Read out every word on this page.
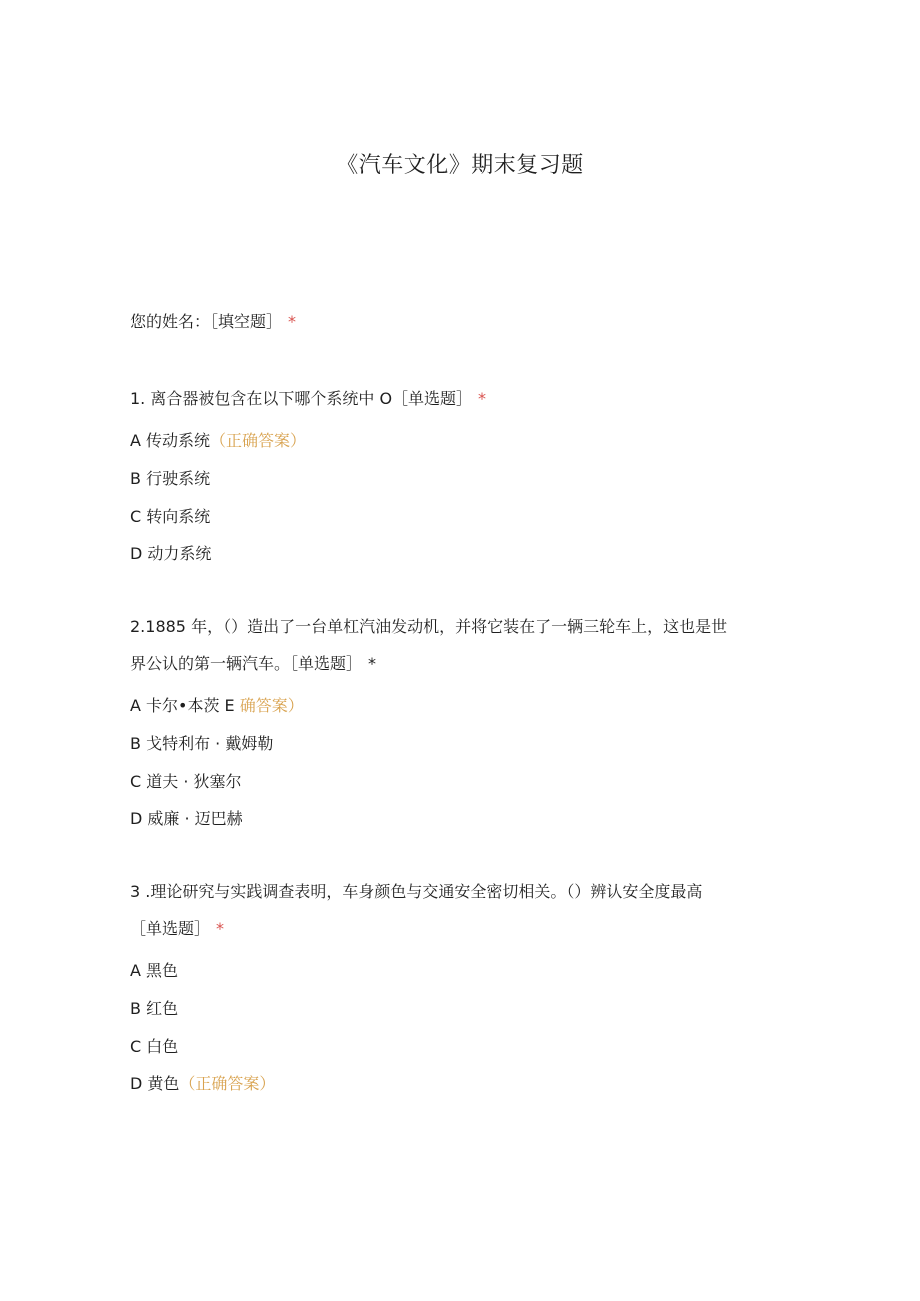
《汽车文化》期末复习题
您的姓名：［填空题］ *
1. 离合器被包含在以下哪个系统中 O［单选题］ *
A 传动系统（正确答案）
B 行驶系统
C 转向系统
D 动力系统
2.1885 年，（）造出了一台单杠汽油发动机，并将它装在了一辆三轮车上，这也是世
界公认的第一辆汽车。［单选题］ *
A 卡尔•本茨 E 确答案）
B 戈特利布 · 戴姆勒
C 道夫 · 狄塞尔
D 威廉 · 迈巴赫
3 .理论研究与实践调查表明，车身颜色与交通安全密切相关。（）辨认安全度最高
［单选题］ *
A 黑色
B 红色
C 白色
D 黄色（正确答案）
